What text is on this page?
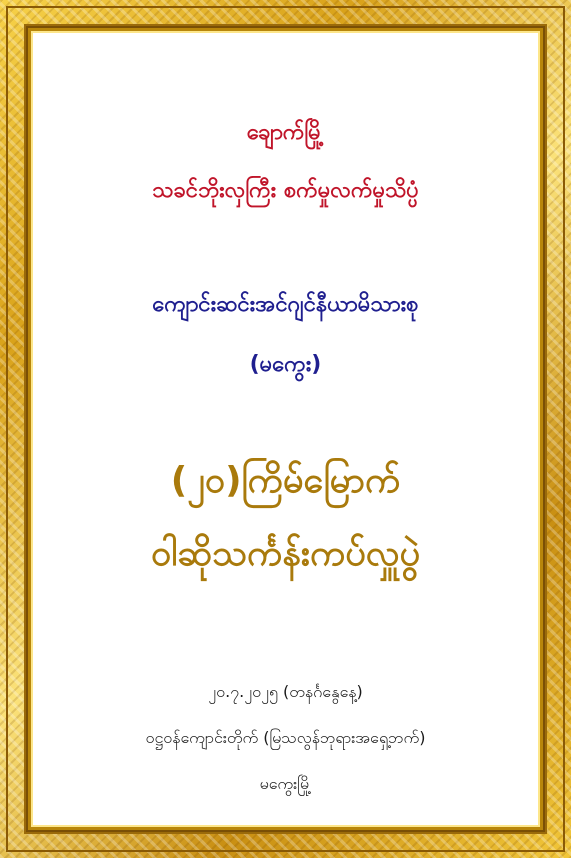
ချောက်မြို့
သခင်ဘိုးလှကြီး စက်မှုလက်မှုသိပ္ပံ
ကျောင်းဆင်းအင်ဂျင်နီယာမိသားစု
(မကွေး)
(၂၀)ကြိမ်မြောက်
ဝါဆိုသင်္ကန်းကပ်လှူပွဲ
၂၀.၇.၂၀၂၅ (တနင်္ဂနွေနေ့)
ဝဋ္ဌဝန်ကျောင်းတိုက် (မြသလွန်ဘုရားအရှေ့ဘက်)
မကွေးမြို့
